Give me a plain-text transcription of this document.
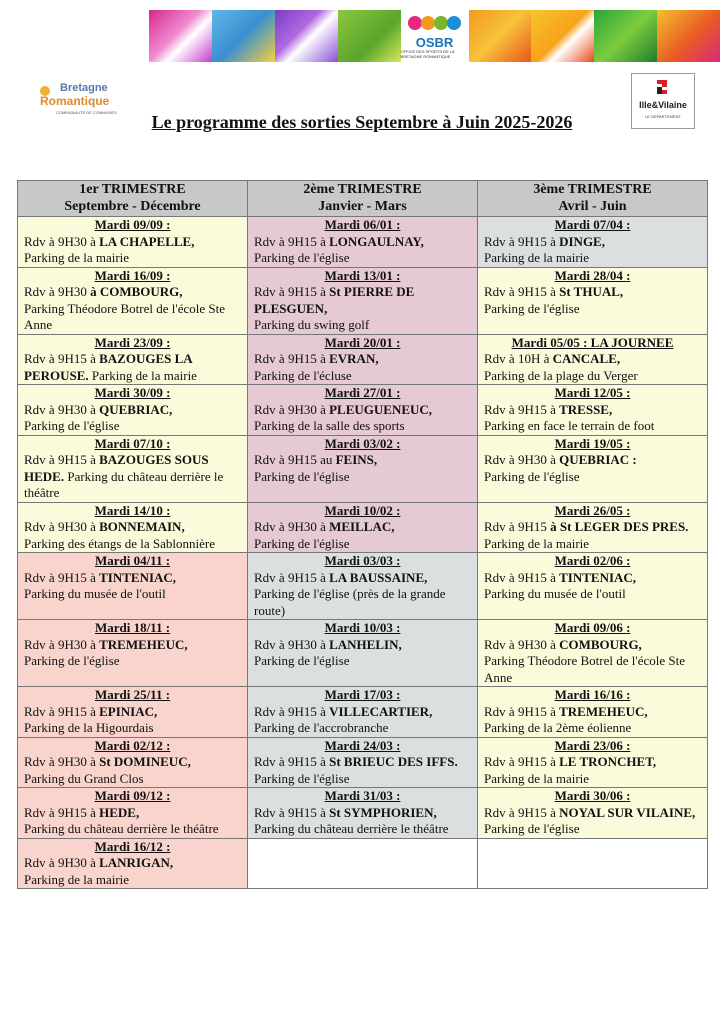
OSBR
OFFICE DES SPORTS DE LA BRETAGNE ROMANTIQUE
Bretagne
Romantique
COMMUNAUTÉ DE COMMUNES
Ille&Vilaine
LE DÉPARTEMENT
Le programme des sorties Septembre à Juin 2025-2026
1er TRIMESTRE
Septembre - Décembre	2ème TRIMESTRE
Janvier - Mars	3ème TRIMESTRE
Avril - Juin

Mardi 09/09 :
Rdv à 9H30 à LA CHAPELLE,
Parking de la mairie	Mardi 06/01 :
Rdv à 9H15 à LONGAULNAY,
Parking de l'église	Mardi 07/04 :
Rdv à 9H15 à DINGE,
Parking de la mairie

Mardi 16/09 :
Rdv à 9H30 à COMBOURG,
Parking Théodore Botrel de l'école Ste Anne	Mardi 13/01 :
Rdv à 9H15 à St PIERRE DE PLESGUEN,
Parking du swing golf	Mardi 28/04 :
Rdv à 9H15 à St THUAL,
Parking de l'église

Mardi 23/09 :
Rdv à 9H15 à BAZOUGES LA PEROUSE. Parking de la mairie	Mardi 20/01 :
Rdv à 9H15 à EVRAN,
Parking de l'écluse	Mardi 05/05 : LA JOURNEE
Rdv à 10H à CANCALE,
Parking de la plage du Verger

Mardi 30/09 :
Rdv à 9H30 à QUEBRIAC,
Parking de l'église	Mardi 27/01 :
Rdv à 9H30 à PLEUGUENEUC,
Parking de la salle des sports	Mardi 12/05 :
Rdv à 9H15 à TRESSE,
Parking en face le terrain de foot

Mardi 07/10 :
Rdv à 9H15 à BAZOUGES SOUS HEDE. Parking du château derrière le théâtre	Mardi 03/02 :
Rdv à 9H15 au FEINS,
Parking de l'église	Mardi 19/05 :
Rdv à 9H30 à QUEBRIAC :
Parking de l'église

Mardi 14/10 :
Rdv à 9H30 à BONNEMAIN,
Parking des étangs de la Sablonnière	Mardi 10/02 :
Rdv à 9H30 à MEILLAC,
Parking de l'église	Mardi 26/05 :
Rdv à 9H15 à St LEGER DES PRES. Parking de la mairie

Mardi 04/11 :
Rdv à 9H15 à TINTENIAC,
Parking du musée de l'outil	Mardi 03/03 :
Rdv à 9H15 à LA BAUSSAINE,
Parking de l'église (près de la grande route)	Mardi 02/06 :
Rdv à 9H15 à TINTENIAC,
Parking du musée de l'outil

Mardi 18/11 :
Rdv à 9H30 à TREMEHEUC,
Parking de l'église	Mardi 10/03 :
Rdv à 9H30 à LANHELIN,
Parking de l'église	Mardi 09/06 :
Rdv à 9H30 à COMBOURG,
Parking Théodore Botrel de l'école Ste Anne

Mardi 25/11 :
Rdv à 9H15 à EPINIAC,
Parking de la Higourdais	Mardi 17/03 :
Rdv à 9H15 à VILLECARTIER,
Parking de l'accrobranche	Mardi 16/16 :
Rdv à 9H15 à TREMEHEUC,
Parking de la 2ème éolienne

Mardi 02/12 :
Rdv à 9H30 à St DOMINEUC,
Parking du Grand Clos	Mardi 24/03 :
Rdv à 9H15 à St BRIEUC DES IFFS. Parking de l'église	Mardi 23/06 :
Rdv à 9H15 à LE TRONCHET,
Parking de la mairie

Mardi 09/12 :
Rdv à 9H15 à HEDE,
Parking du château derrière le théâtre	Mardi 31/03 :
Rdv à 9H15 à St SYMPHORIEN,
Parking du château derrière le théâtre	Mardi 30/06 :
Rdv à 9H15 à NOYAL SUR VILAINE,
Parking de l'église

Mardi 16/12 :
Rdv à 9H30 à LANRIGAN,
Parking de la mairie		
